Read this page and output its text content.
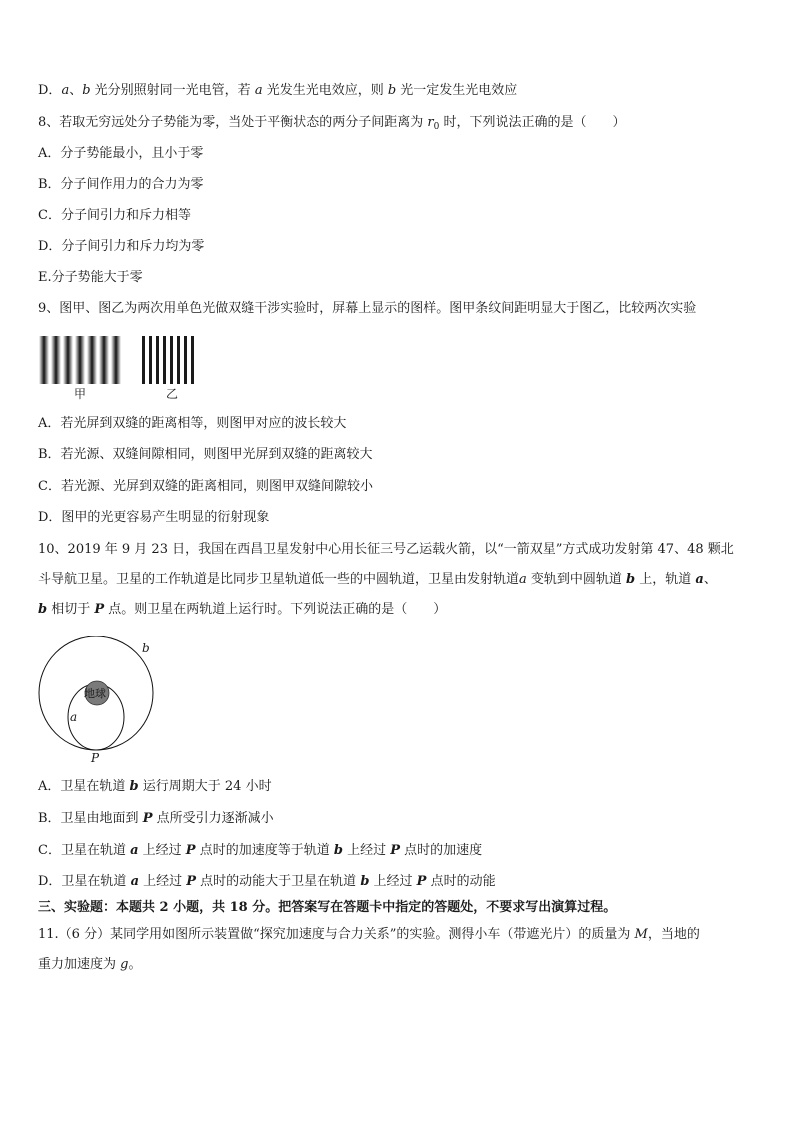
D．a、b 光分别照射同一光电管，若 a 光发生光电效应，则 b 光一定发生光电效应
8、若取无穷远处分子势能为零，当处于平衡状态的两分子间距离为 $r_0$ 时，下列说法正确的是（　　）
A．分子势能最小，且小于零
B．分子间作用力的合力为零
C．分子间引力和斥力相等
D．分子间引力和斥力均为零
E.分子势能大于零
9、图甲、图乙为两次用单色光做双缝干涉实验时，屏幕上显示的图样。图甲条纹间距明显大于图乙，比较两次实验
甲	乙
A．若光屏到双缝的距离相等，则图甲对应的波长较大
B．若光源、双缝间隙相同，则图甲光屏到双缝的距离较大
C．若光源、光屏到双缝的距离相同，则图甲双缝间隙较小
D．图甲的光更容易产生明显的衍射现象
10、2019 年 9 月 23 日，我国在西昌卫星发射中心用长征三号乙运载火箭，以“一箭双星”方式成功发射第 47、48 颗北
斗导航卫星。卫星的工作轨道是比同步卫星轨道低一些的中圆轨道，卫星由发射轨道a 变轨到中圆轨道 b 上，轨道 a、
b 相切于 P 点。则卫星在两轨道上运行时。下列说法正确的是（　　）
地球
b
a
P
A．卫星在轨道 b 运行周期大于 24 小时
B．卫星由地面到 P 点所受引力逐渐减小
C．卫星在轨道 a 上经过 P 点时的加速度等于轨道 b 上经过 P 点时的加速度
D．卫星在轨道 a 上经过 P 点时的动能大于卫星在轨道 b 上经过 P 点时的动能
三、实验题：本题共 2 小题，共 18 分。把答案写在答题卡中指定的答题处，不要求写出演算过程。
11.（6 分）某同学用如图所示装置做“探究加速度与合力关系”的实验。测得小车（带遮光片）的质量为 M，当地的
重力加速度为 g。
